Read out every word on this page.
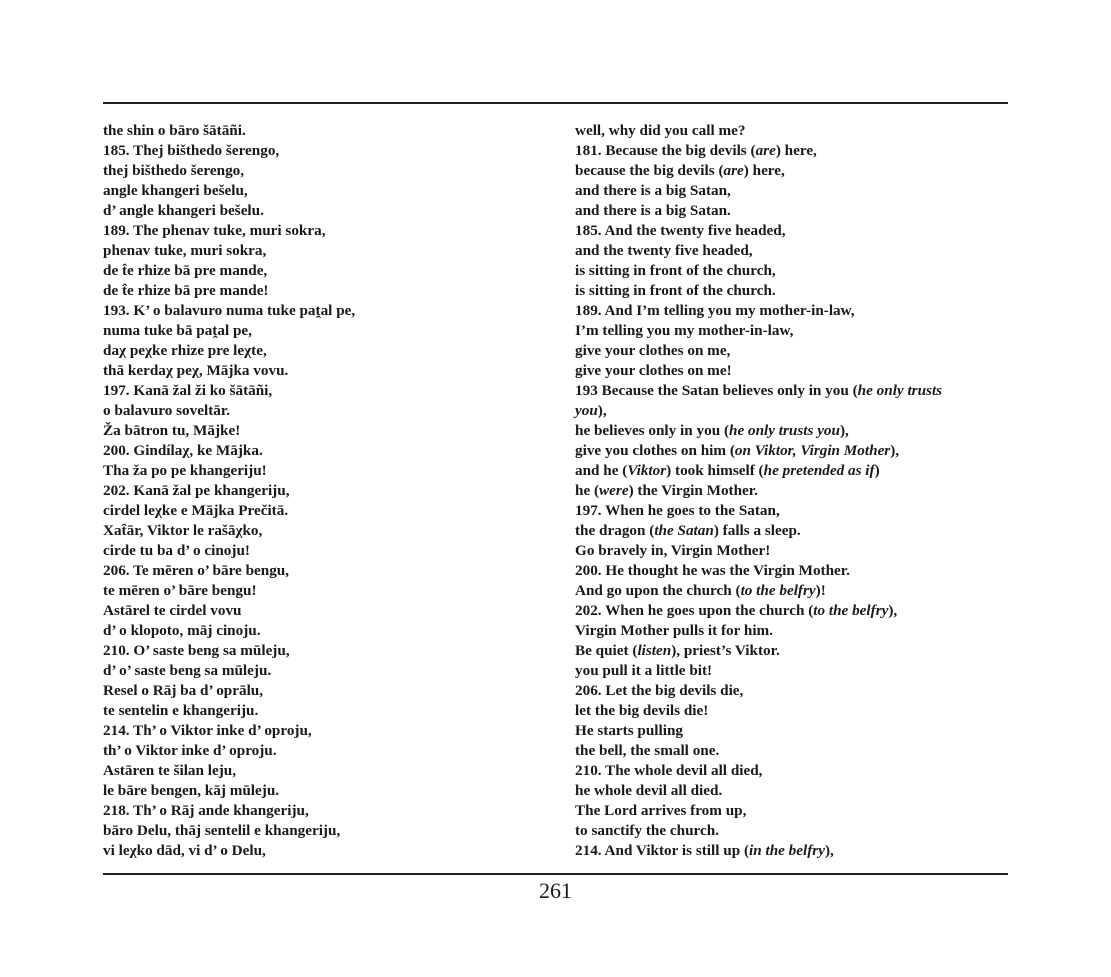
the shin o bāro šātāñi.
185. Thej bišthedo šerengo,
thej bišthedo šerengo,
angle khangeri bešelu,
d’ angle khangeri bešelu.
189. The phenav tuke, muri sokra,
phenav tuke, muri sokra,
de t̂e rhize bā pre mande,
de t̂e rhize bā pre mande!
193. K’ o balavuro numa tuke paṱal pe,
numa tuke bā paṱal pe,
daχ peχke rhize pre leχte,
thā kerdaχ peχ, Mājka vovu.
197. Kanā žal ži ko šātāñi,
o balavuro soveltār.
Ža bātron tu, Mājke!
200. Gindílaχ, ke Mājka.
Tha ža po pe khangeriju!
202. Kanā žal pe khangeriju,
cirdel leχke e Mājka Prečitā.
Xat̂ār, Viktor le rašāχko,
cirde tu ba d’ o cinoju!
206. Te mēren o’ bāre bengu,
te mēren o’ bāre bengu!
Astārel te cirdel vovu
d’ o klopoto, māj cinoju.
210. O’ saste beng sa mūleju,
d’ o’ saste beng sa mūleju.
Resel o Rāj ba d’ oprālu,
te sentelin e khangeriju.
214. Th’ o Viktor inke d’ oproju,
th’ o Viktor inke d’ oproju.
Astāren te šilan leju,
le bāre bengen, kāj mūleju.
218. Th’ o Rāj ande khangeriju,
bāro Delu, thāj sentelil e khangeriju,
vi leχko dād, vi d’ o Delu,
well, why did you call me?
181. Because the big devils (are) here,
because the big devils (are) here,
and there is a big Satan,
and there is a big Satan.
185. And the twenty five headed,
and the twenty five headed,
is sitting in front of the church,
is sitting in front of the church.
189. And I’m telling you my mother-in-law,
I’m telling you my mother-in-law,
give your clothes on me,
give your clothes on me!
193 Because the Satan believes only in you (he only trusts you),
he believes only in you (he only trusts you),
give you clothes on him (on Viktor, Virgin Mother),
and he (Viktor) took himself (he pretended as if)
he (were) the Virgin Mother.
197. When he goes to the Satan,
the dragon (the Satan) falls a sleep.
Go bravely in, Virgin Mother!
200. He thought he was the Virgin Mother.
And go upon the church (to the belfry)!
202. When he goes upon the church (to the belfry),
Virgin Mother pulls it for him.
Be quiet (listen), priest’s Viktor.
you pull it a little bit!
206. Let the big devils die,
let the big devils die!
He starts pulling
the bell, the small one.
210. The whole devil all died,
he whole devil all died.
The Lord arrives from up,
to sanctify the church.
214. And Viktor is still up (in the belfry),
261
